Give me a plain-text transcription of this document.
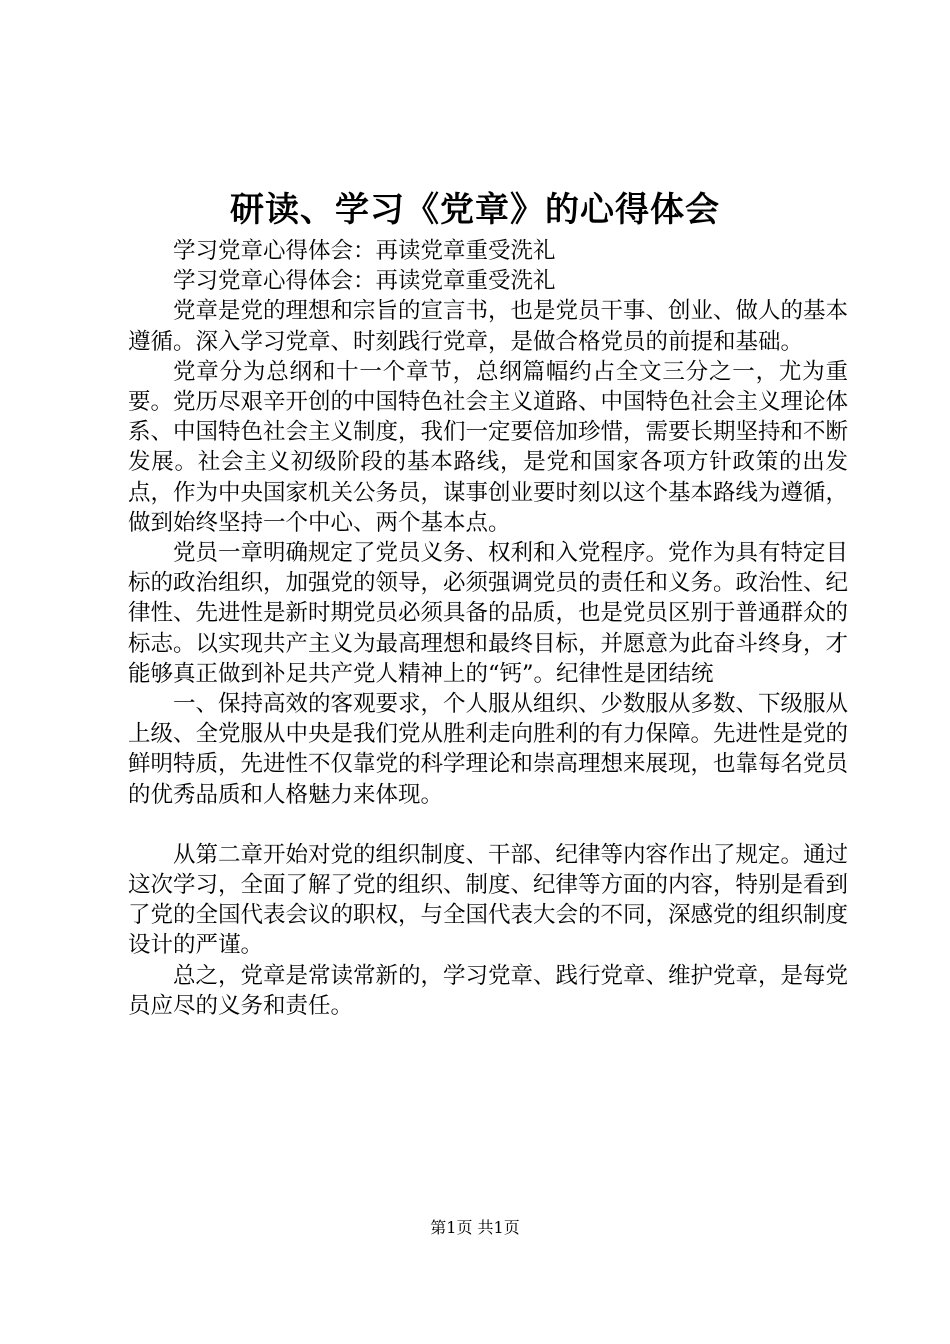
研读、学习《党章》的心得体会

学习党章心得体会：再读党章重受洗礼

学习党章心得体会：再读党章重受洗礼

党章是党的理想和宗旨的宣言书，也是党员干事、创业、做人的基本遵循。深入学习党章、时刻践行党章，是做合格党员的前提和基础。

党章分为总纲和十一个章节，总纲篇幅约占全文三分之一，尤为重要。党历尽艰辛开创的中国特色社会主义道路、中国特色社会主义理论体系、中国特色社会主义制度，我们一定要倍加珍惜，需要长期坚持和不断发展。社会主义初级阶段的基本路线，是党和国家各项方针政策的出发点，作为中央国家机关公务员，谋事创业要时刻以这个基本路线为遵循，做到始终坚持一个中心、两个基本点。

党员一章明确规定了党员义务、权利和入党程序。党作为具有特定目标的政治组织，加强党的领导，必须强调党员的责任和义务。政治性、纪律性、先进性是新时期党员必须具备的品质，也是党员区别于普通群众的标志。以实现共产主义为最高理想和最终目标，并愿意为此奋斗终身，才能够真正做到补足共产党人精神上的“钙”。纪律性是团结统

一、保持高效的客观要求，个人服从组织、少数服从多数、下级服从上级、全党服从中央是我们党从胜利走向胜利的有力保障。先进性是党的鲜明特质，先进性不仅靠党的科学理论和崇高理想来展现，也靠每名党员的优秀品质和人格魅力来体现。

从第二章开始对党的组织制度、干部、纪律等内容作出了规定。通过这次学习，全面了解了党的组织、制度、纪律等方面的内容，特别是看到了党的全国代表会议的职权，与全国代表大会的不同，深感党的组织制度设计的严谨。

总之，党章是常读常新的，学习党章、践行党章、维护党章，是每党员应尽的义务和责任。

第1页 共1页
